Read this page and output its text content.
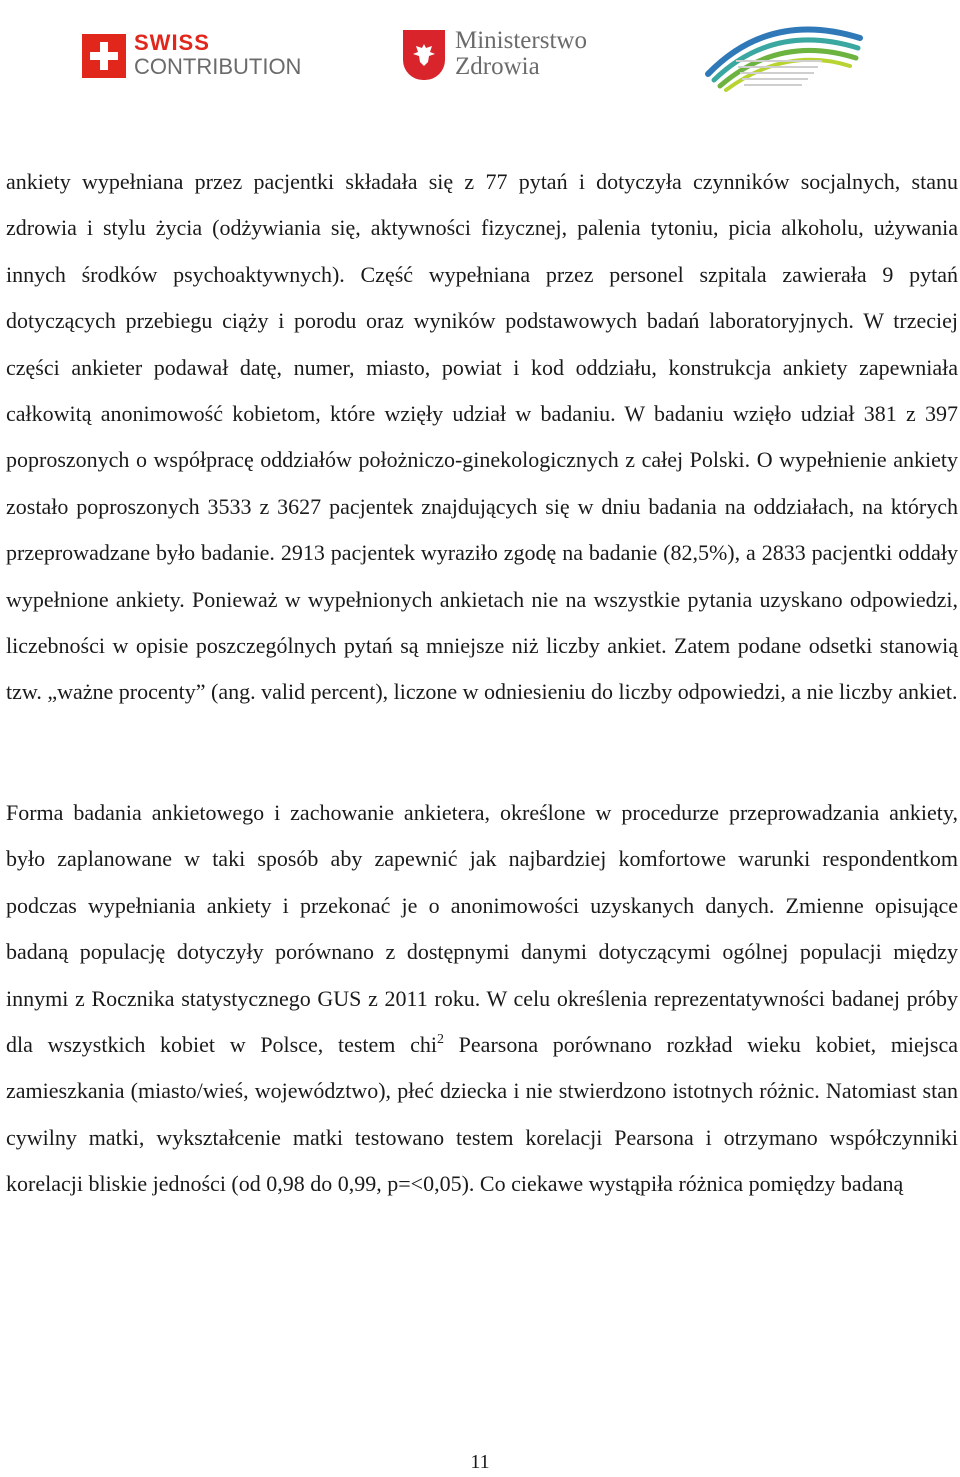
SWISS
CONTRIBUTION
Ministerstwo
Zdrowia

ankiety wypełniana przez pacjentki składała się z 77 pytań i dotyczyła czynników socjalnych, stanu zdrowia i stylu życia (odżywiania się, aktywności fizycznej, palenia tytoniu, picia alkoholu, używania innych środków psychoaktywnych). Część wypełniana przez personel szpitala zawierała 9 pytań dotyczących przebiegu ciąży i porodu oraz wyników podstawowych badań laboratoryjnych. W trzeciej części ankieter podawał datę, numer, miasto, powiat i kod oddziału, konstrukcja ankiety zapewniała całkowitą anonimowość kobietom, które wzięły udział w badaniu. W badaniu wzięło udział 381 z 397 poproszonych o współpracę oddziałów położniczo-ginekologicznych z całej Polski. O wypełnienie ankiety zostało poproszonych 3533 z 3627 pacjentek znajdujących się w dniu badania na oddziałach, na których przeprowadzane było badanie. 2913 pacjentek wyraziło zgodę na badanie (82,5%), a 2833 pacjentki oddały wypełnione ankiety. Ponieważ w wypełnionych ankietach nie na wszystkie pytania uzyskano odpowiedzi, liczebności w opisie poszczególnych pytań są mniejsze niż liczby ankiet. Zatem podane odsetki stanowią tzw. „ważne procenty” (ang. valid percent), liczone w odniesieniu do liczby odpowiedzi, a nie liczby ankiet.

Forma badania ankietowego i zachowanie ankietera, określone w procedurze przeprowadzania ankiety, było zaplanowane w taki sposób aby zapewnić jak najbardziej komfortowe warunki respondentkom podczas wypełniania ankiety i przekonać je o anonimowości uzyskanych danych. Zmienne opisujące badaną populację dotyczyły porównano z dostępnymi danymi dotyczącymi ogólnej populacji między innymi z Rocznika statystycznego GUS z 2011 roku. W celu określenia reprezentatywności badanej próby dla wszystkich kobiet w Polsce, testem chi$^2$ Pearsona porównano rozkład wieku kobiet, miejsca zamieszkania (miasto/wieś, województwo), płeć dziecka i nie stwierdzono istotnych różnic. Natomiast stan cywilny matki, wykształcenie matki testowano testem korelacji Pearsona i otrzymano współczynniki korelacji bliskie jedności (od 0,98 do 0,99, p=<0,05). Co ciekawe wystąpiła różnica pomiędzy badaną

11
